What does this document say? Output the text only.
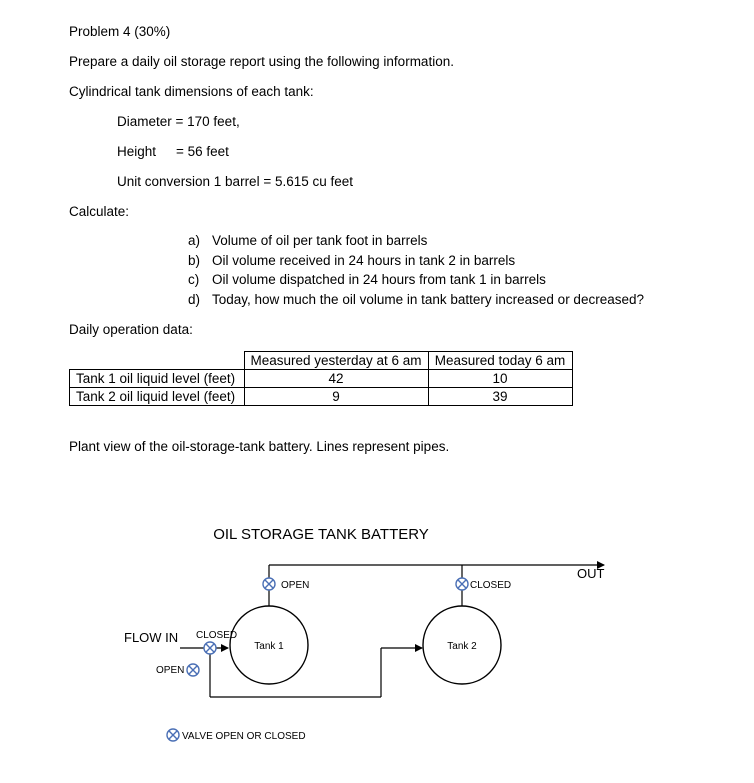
Problem 4 (30%)
Prepare a daily oil storage report using the following information.
Cylindrical tank dimensions of each tank:
Diameter = 170 feet,
Height = 56 feet
Unit conversion 1 barrel = 5.615 cu feet
Calculate:
a) Volume of oil per tank foot in barrels
b) Oil volume received in 24 hours in tank 2 in barrels
c) Oil volume dispatched in 24 hours from tank 1 in barrels
d) Today, how much the oil volume in tank battery increased or decreased?
Daily operation data:
	Measured yesterday at 6 am	Measured today 6 am
Tank 1 oil liquid level (feet)	42	10
Tank 2 oil liquid level (feet)	9	39
Plant view of the oil-storage-tank battery. Lines represent pipes.
OIL STORAGE TANK BATTERY
Tank 1	Tank 2
OPEN	CLOSED
CLOSED
OPEN
FLOW IN
OUT
VALVE OPEN OR CLOSED
